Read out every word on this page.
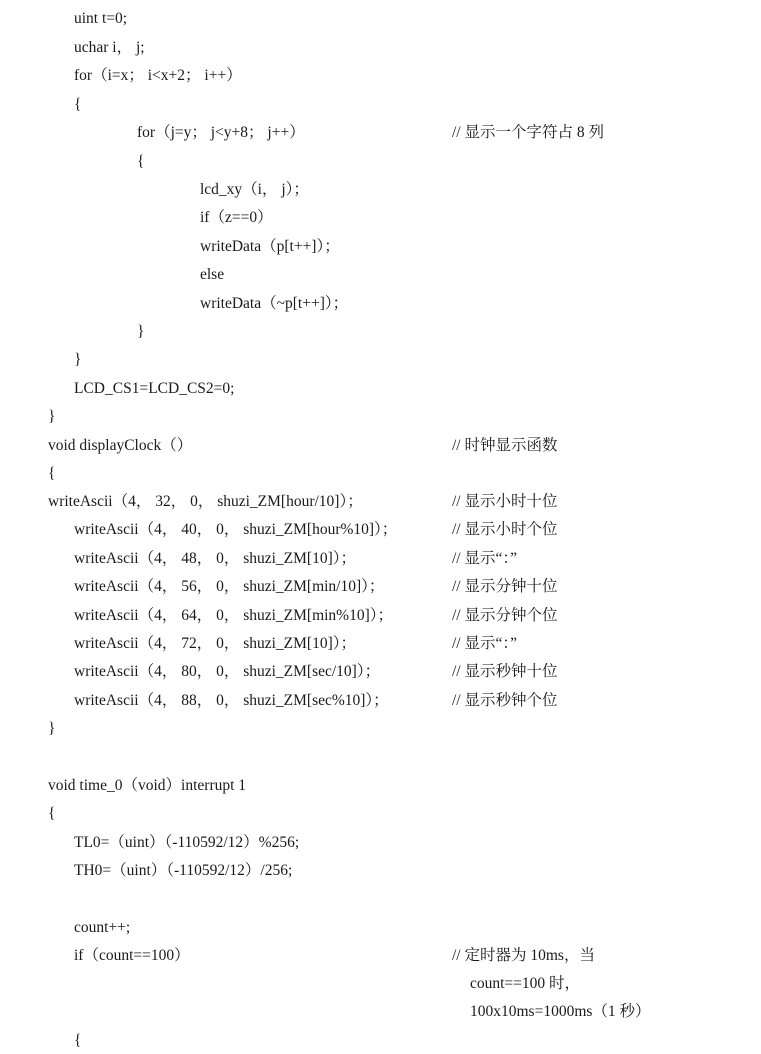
uint t=0;
uchar i， j;
for（i=x； i<x+2； i++）
{
for（j=y； j<y+8； j++）	// 显示一个字符占 8 列
{
lcd_xy（i， j）；
if（z==0）
writeData（p[t++]）；
else
writeData（~p[t++]）；
}
}
LCD_CS1=LCD_CS2=0;
}
void displayClock（）	// 时钟显示函数
{
writeAscii（4， 32， 0， shuzi_ZM[hour/10]）；	// 显示小时十位
writeAscii（4， 40， 0， shuzi_ZM[hour%10]）；	// 显示小时个位
writeAscii（4， 48， 0， shuzi_ZM[10]）；	// 显示“：”
writeAscii（4， 56， 0， shuzi_ZM[min/10]）；	// 显示分钟十位
writeAscii（4， 64， 0， shuzi_ZM[min%10]）；	// 显示分钟个位
writeAscii（4， 72， 0， shuzi_ZM[10]）；	// 显示“：”
writeAscii（4， 80， 0， shuzi_ZM[sec/10]）；	// 显示秒钟十位
writeAscii（4， 88， 0， shuzi_ZM[sec%10]）；	// 显示秒钟个位
}
void time_0（void）interrupt 1
{
TL0=（uint）（-110592/12）%256;
TH0=（uint）（-110592/12）/256;
count++;
if（count==100）	// 定时器为 10ms，当
count==100 时，
100x10ms=1000ms（1 秒）
{
